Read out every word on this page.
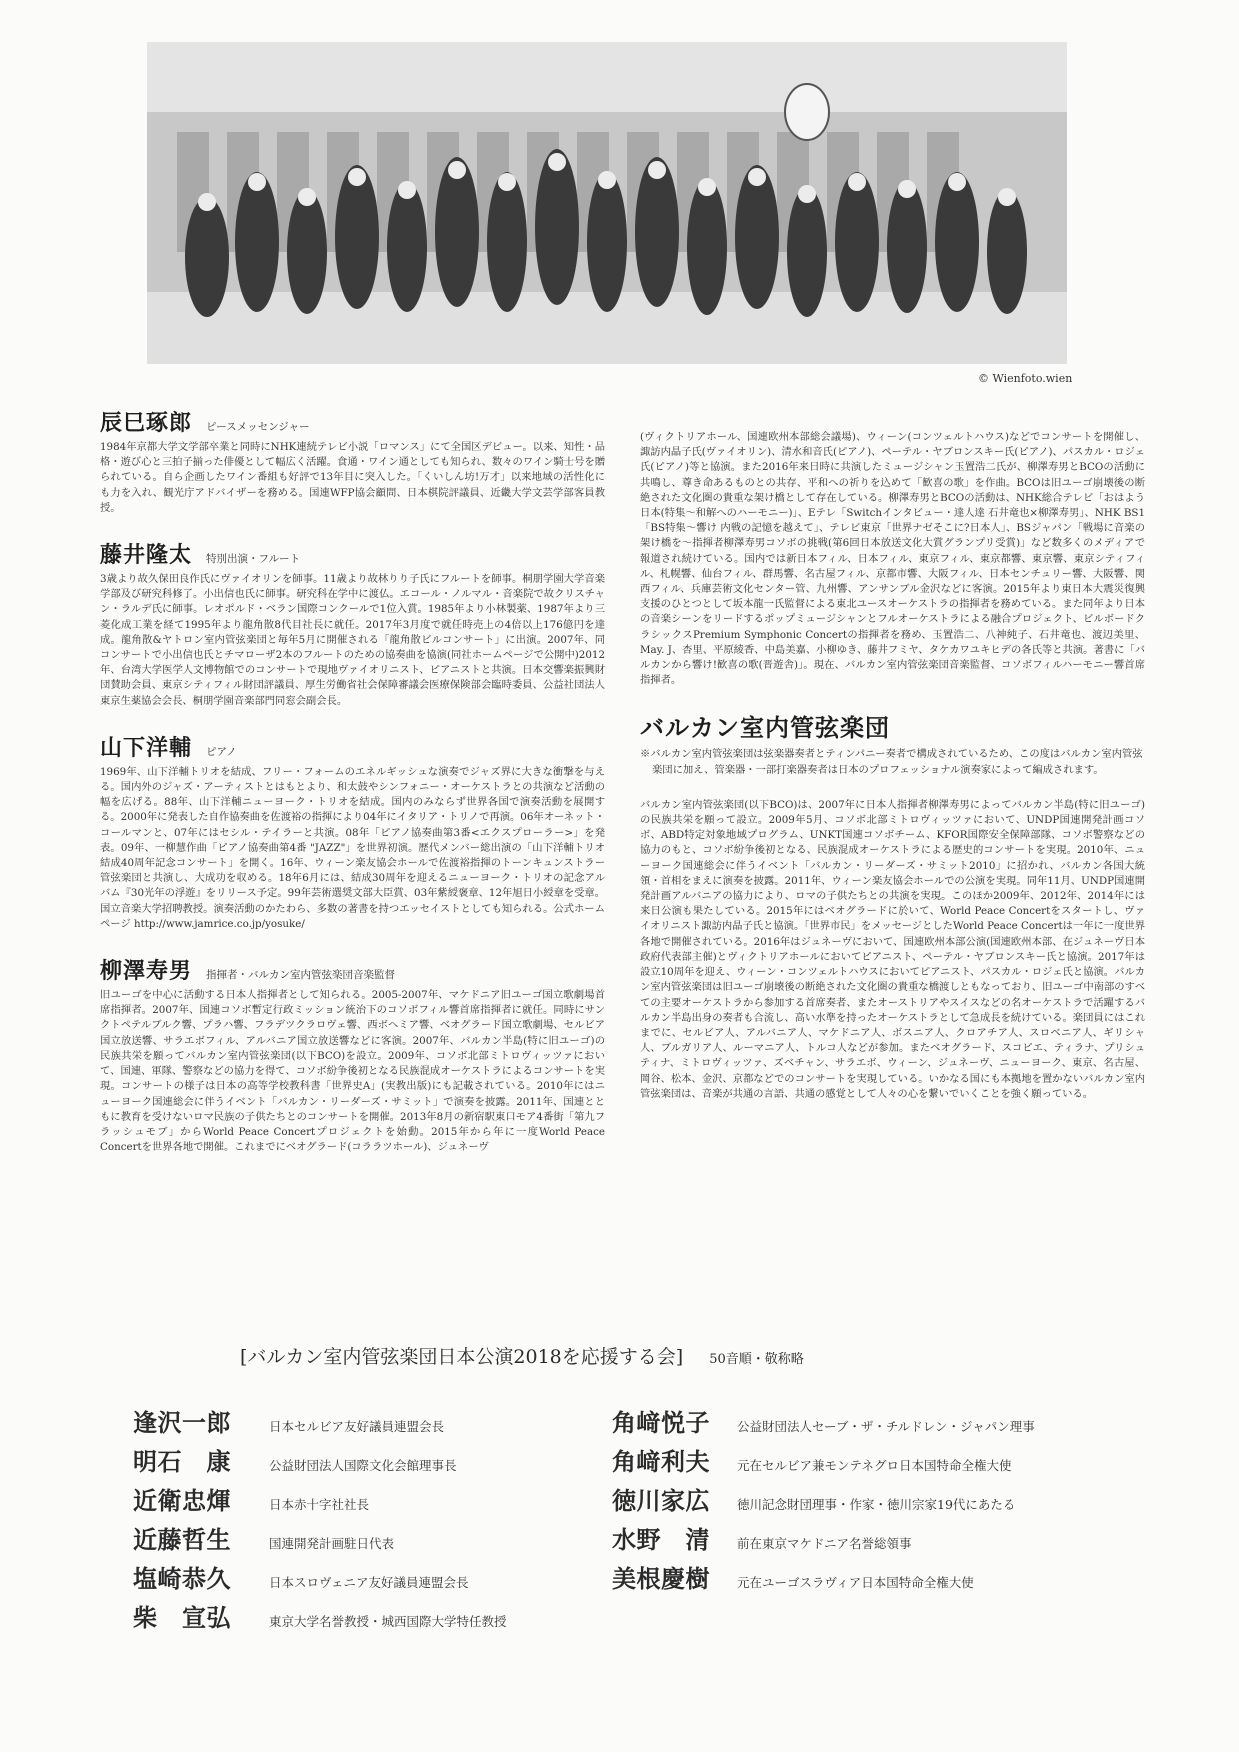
© Wienfoto.wien
辰巳琢郎 ピースメッセンジャー

1984年京都大学文学部卒業と同時にNHK連続テレビ小説「ロマンス」にて全国区デビュー。以来、知性・品格・遊び心と三拍子揃った俳優として幅広く活躍。食通・ワイン通としても知られ、数々のワイン騎士号を贈られている。自ら企画したワイン番組も好評で13年目に突入した。「くいしん坊!万才」以来地域の活性化にも力を入れ、観光庁アドバイザーを務める。国連WFP協会顧問、日本棋院評議員、近畿大学文芸学部客員教授。

藤井隆太 特別出演・フルート

3歳より故久保田良作氏にヴァイオリンを師事。11歳より故林りり子氏にフルートを師事。桐朋学園大学音楽学部及び研究科修了。小出信也氏に師事。研究科在学中に渡仏。エコール・ノルマル・音楽院で故クリスチャン・ラルデ氏に師事。レオポルド・ベラン国際コンクールで1位入賞。1985年より小林製薬、1987年より三菱化成工業を経て1995年より龍角散8代目社長に就任。2017年3月度で就任時売上の4倍以上176億円を達成。龍角散&ヤトロン室内管弦楽団と毎年5月に開催される「龍角散ビルコンサート」に出演。2007年、同コンサートで小出信也氏とチマローザ2本のフルートのための協奏曲を協演(同社ホームページで公開中)2012年、台湾大学医学人文博物館でのコンサートで現地ヴァイオリニスト、ピアニストと共演。日本交響楽振興財団賛助会員、東京シティフィル財団評議員、厚生労働省社会保障審議会医療保険部会臨時委員、公益社団法人東京生薬協会会長、桐朋学園音楽部門同窓会副会長。

山下洋輔 ピアノ

1969年、山下洋輔トリオを結成、フリー・フォームのエネルギッシュな演奏でジャズ界に大きな衝撃を与える。国内外のジャズ・アーティストとはもとより、和太鼓やシンフォニー・オーケストラとの共演など活動の幅を広げる。88年、山下洋輔ニューヨーク・トリオを結成。国内のみならず世界各国で演奏活動を展開する。2000年に発表した自作協奏曲を佐渡裕の指揮により04年にイタリア・トリノで再演。06年オーネット・コールマンと、07年にはセシル・テイラーと共演。08年「ピアノ協奏曲第3番<エクスプローラー>」を発表。09年、一柳慧作曲「ピアノ協奏曲第4番 "JAZZ"」を世界初演。歴代メンバー総出演の「山下洋輔トリオ結成40周年記念コンサート」を開く。16年、ウィーン楽友協会ホールで佐渡裕指揮のトーンキュンストラー管弦楽団と共演し、大成功を収める。18年6月には、結成30周年を迎えるニューヨーク・トリオの記念アルバム『30光年の浮遊』をリリース予定。99年芸術選奨文部大臣賞、03年紫綬褒章、12年旭日小綬章を受章。国立音楽大学招聘教授。演奏活動のかたわら、多数の著書を持つエッセイストとしても知られる。公式ホームページ http://www.jamrice.co.jp/yosuke/

柳澤寿男 指揮者・バルカン室内管弦楽団音楽監督

旧ユーゴを中心に活動する日本人指揮者として知られる。2005-2007年、マケドニア旧ユーゴ国立歌劇場首席指揮者。2007年、国連コソボ暫定行政ミッション統治下のコソボフィル響首席指揮者に就任。同時にサンクトペテルブルク響、プラハ響、フラデツクラロヴェ響、西ボヘミア響、ベオグラード国立歌劇場、セルビア国立放送響、サラエボフィル、アルバニア国立放送響などに客演。2007年、バルカン半島(特に旧ユーゴ)の民族共栄を願ってバルカン室内管弦楽団(以下BCO)を設立。2009年、コソボ北部ミトロヴィッツァにおいて、国連、軍隊、警察などの協力を得て、コソボ紛争後初となる民族混成オーケストラによるコンサートを実現。コンサートの様子は日本の高等学校教科書「世界史A」(実教出版)にも記載されている。2010年にはニューヨーク国連総会に伴うイベント「バルカン・リーダーズ・サミット」で演奏を披露。2011年、国連とともに教育を受けないロマ民族の子供たちとのコンサートを開催。2013年8月の新宿駅東口モア4番街「第九フラッシュモブ」からWorld Peace Concertプロジェクトを始動。2015年から年に一度World Peace Concertを世界各地で開催。これまでにベオグラード(コララツホール)、ジュネーヴ

(ヴィクトリアホール、国連欧州本部総会議場)、ウィーン(コンツェルトハウス)などでコンサートを開催し、諏訪内晶子氏(ヴァイオリン)、清水和音氏(ピアノ)、ペーテル・ヤブロンスキー氏(ピアノ)、パスカル・ロジェ氏(ピアノ)等と協演。また2016年来日時に共演したミュージシャン玉置浩二氏が、柳澤寿男とBCOの活動に共鳴し、尊き命あるものとの共存、平和への祈りを込めて「歓喜の歌」を作曲。BCOは旧ユーゴ崩壊後の断絶された文化圏の貴重な架け橋として存在している。柳澤寿男とBCOの活動は、NHK総合テレビ「おはよう日本(特集〜和解へのハーモニー)」、Eテレ「Switchインタビュー・達人達 石井竜也×柳澤寿男」、NHK BS1「BS特集〜響け 内戦の記憶を越えて」、テレビ東京「世界ナゼそこに?日本人」、BSジャパン「戦場に音楽の架け橋を〜指揮者柳澤寿男コソボの挑戦(第6回日本放送文化大賞グランプリ受賞)」など数多くのメディアで報道され続けている。国内では新日本フィル、日本フィル、東京フィル、東京都響、東京響、東京シティフィル、札幌響、仙台フィル、群馬響、名古屋フィル、京都市響、大阪フィル、日本センチュリー響、大阪響、関西フィル、兵庫芸術文化センター管、九州響、アンサンブル金沢などに客演。2015年より東日本大震災復興支援のひとつとして坂本龍一氏監督による東北ユースオーケストラの指揮者を務めている。また同年より日本の音楽シーンをリードするポップミュージシャンとフルオーケストラによる融合プロジェクト、ビルボードクラシックスPremium Symphonic Concertの指揮者を務め、玉置浩二、八神純子、石井竜也、渡辺美里、May. J、杏里、平原綾香、中島美嘉、小柳ゆき、藤井フミヤ、タケカワユキヒデの各氏等と共演。著書に「バルカンから響け!歓喜の歌(晋遊舎)」。現在、バルカン室内管弦楽団音楽監督、コソボフィルハーモニー響首席指揮者。

バルカン室内管弦楽団

※バルカン室内管弦楽団は弦楽器奏者とティンパニー奏者で構成されているため、この度はバルカン室内管弦楽団に加え、管楽器・一部打楽器奏者は日本のプロフェッショナル演奏家によって編成されます。

バルカン室内管弦楽団(以下BCO)は、2007年に日本人指揮者柳澤寿男によってバルカン半島(特に旧ユーゴ)の民族共栄を願って設立。2009年5月、コソボ北部ミトロヴィッツァにおいて、UNDP国連開発計画コソボ、ABD特定対象地域プログラム、UNKT国連コソボチーム、KFOR国際安全保障部隊、コソボ警察などの協力のもと、コソボ紛争後初となる、民族混成オーケストラによる歴史的コンサートを実現。2010年、ニューヨーク国連総会に伴うイベント「バルカン・リーダーズ・サミット2010」に招かれ、バルカン各国大統領・首相をまえに演奏を披露。2011年、ウィーン楽友協会ホールでの公演を実現。同年11月、UNDP国連開発計画アルバニアの協力により、ロマの子供たちとの共演を実現。このほか2009年、2012年、2014年には来日公演も果たしている。2015年にはベオグラードに於いて、World Peace Concertをスタートし、ヴァイオリニスト諏訪内晶子氏と協演。「世界市民」をメッセージとしたWorld Peace Concertは一年に一度世界各地で開催されている。2016年はジュネーヴにおいて、国連欧州本部公演(国連欧州本部、在ジュネーヴ日本政府代表部主催)とヴィクトリアホールにおいてピアニスト、ペーテル・ヤブロンスキー氏と協演。2017年は設立10周年を迎え、ウィーン・コンツェルトハウスにおいてピアニスト、パスカル・ロジェ氏と協演。バルカン室内管弦楽団は旧ユーゴ崩壊後の断絶された文化圏の貴重な橋渡しともなっており、旧ユーゴ中南部のすべての主要オーケストラから参加する首席奏者、またオーストリアやスイスなどの名オーケストラで活躍するバルカン半島出身の奏者も合流し、高い水準を持ったオーケストラとして急成長を続けている。楽団員にはこれまでに、セルビア人、アルバニア人、マケドニア人、ボスニア人、クロアチア人、スロベニア人、ギリシャ人、ブルガリア人、ルーマニア人、トルコ人などが参加。またベオグラード、スコピエ、ティラナ、プリシュティナ、ミトロヴィッツァ、ズベチャン、サラエボ、ウィーン、ジュネーヴ、ニューヨーク、東京、名古屋、岡谷、松本、金沢、京都などでのコンサートを実現している。いかなる国にも本拠地を置かないバルカン室内管弦楽団は、音楽が共通の言語、共通の感覚として人々の心を繋いでいくことを強く願っている。

[バルカン室内管弦楽団日本公演2018を応援する会] 50音順・敬称略
逢沢一郎	日本セルビア友好議員連盟会長
明石　康	公益財団法人国際文化会館理事長
近衛忠煇	日本赤十字社社長
近藤哲生	国連開発計画駐日代表
塩崎恭久	日本スロヴェニア友好議員連盟会長
柴　宣弘	東京大学名誉教授・城西国際大学特任教授
角﨑悦子	公益財団法人セーブ・ザ・チルドレン・ジャパン理事
角﨑利夫	元在セルビア兼モンテネグロ日本国特命全権大使
徳川家広	徳川記念財団理事・作家・徳川宗家19代にあたる
水野　清	前在東京マケドニア名誉総領事
美根慶樹	元在ユーゴスラヴィア日本国特命全権大使
